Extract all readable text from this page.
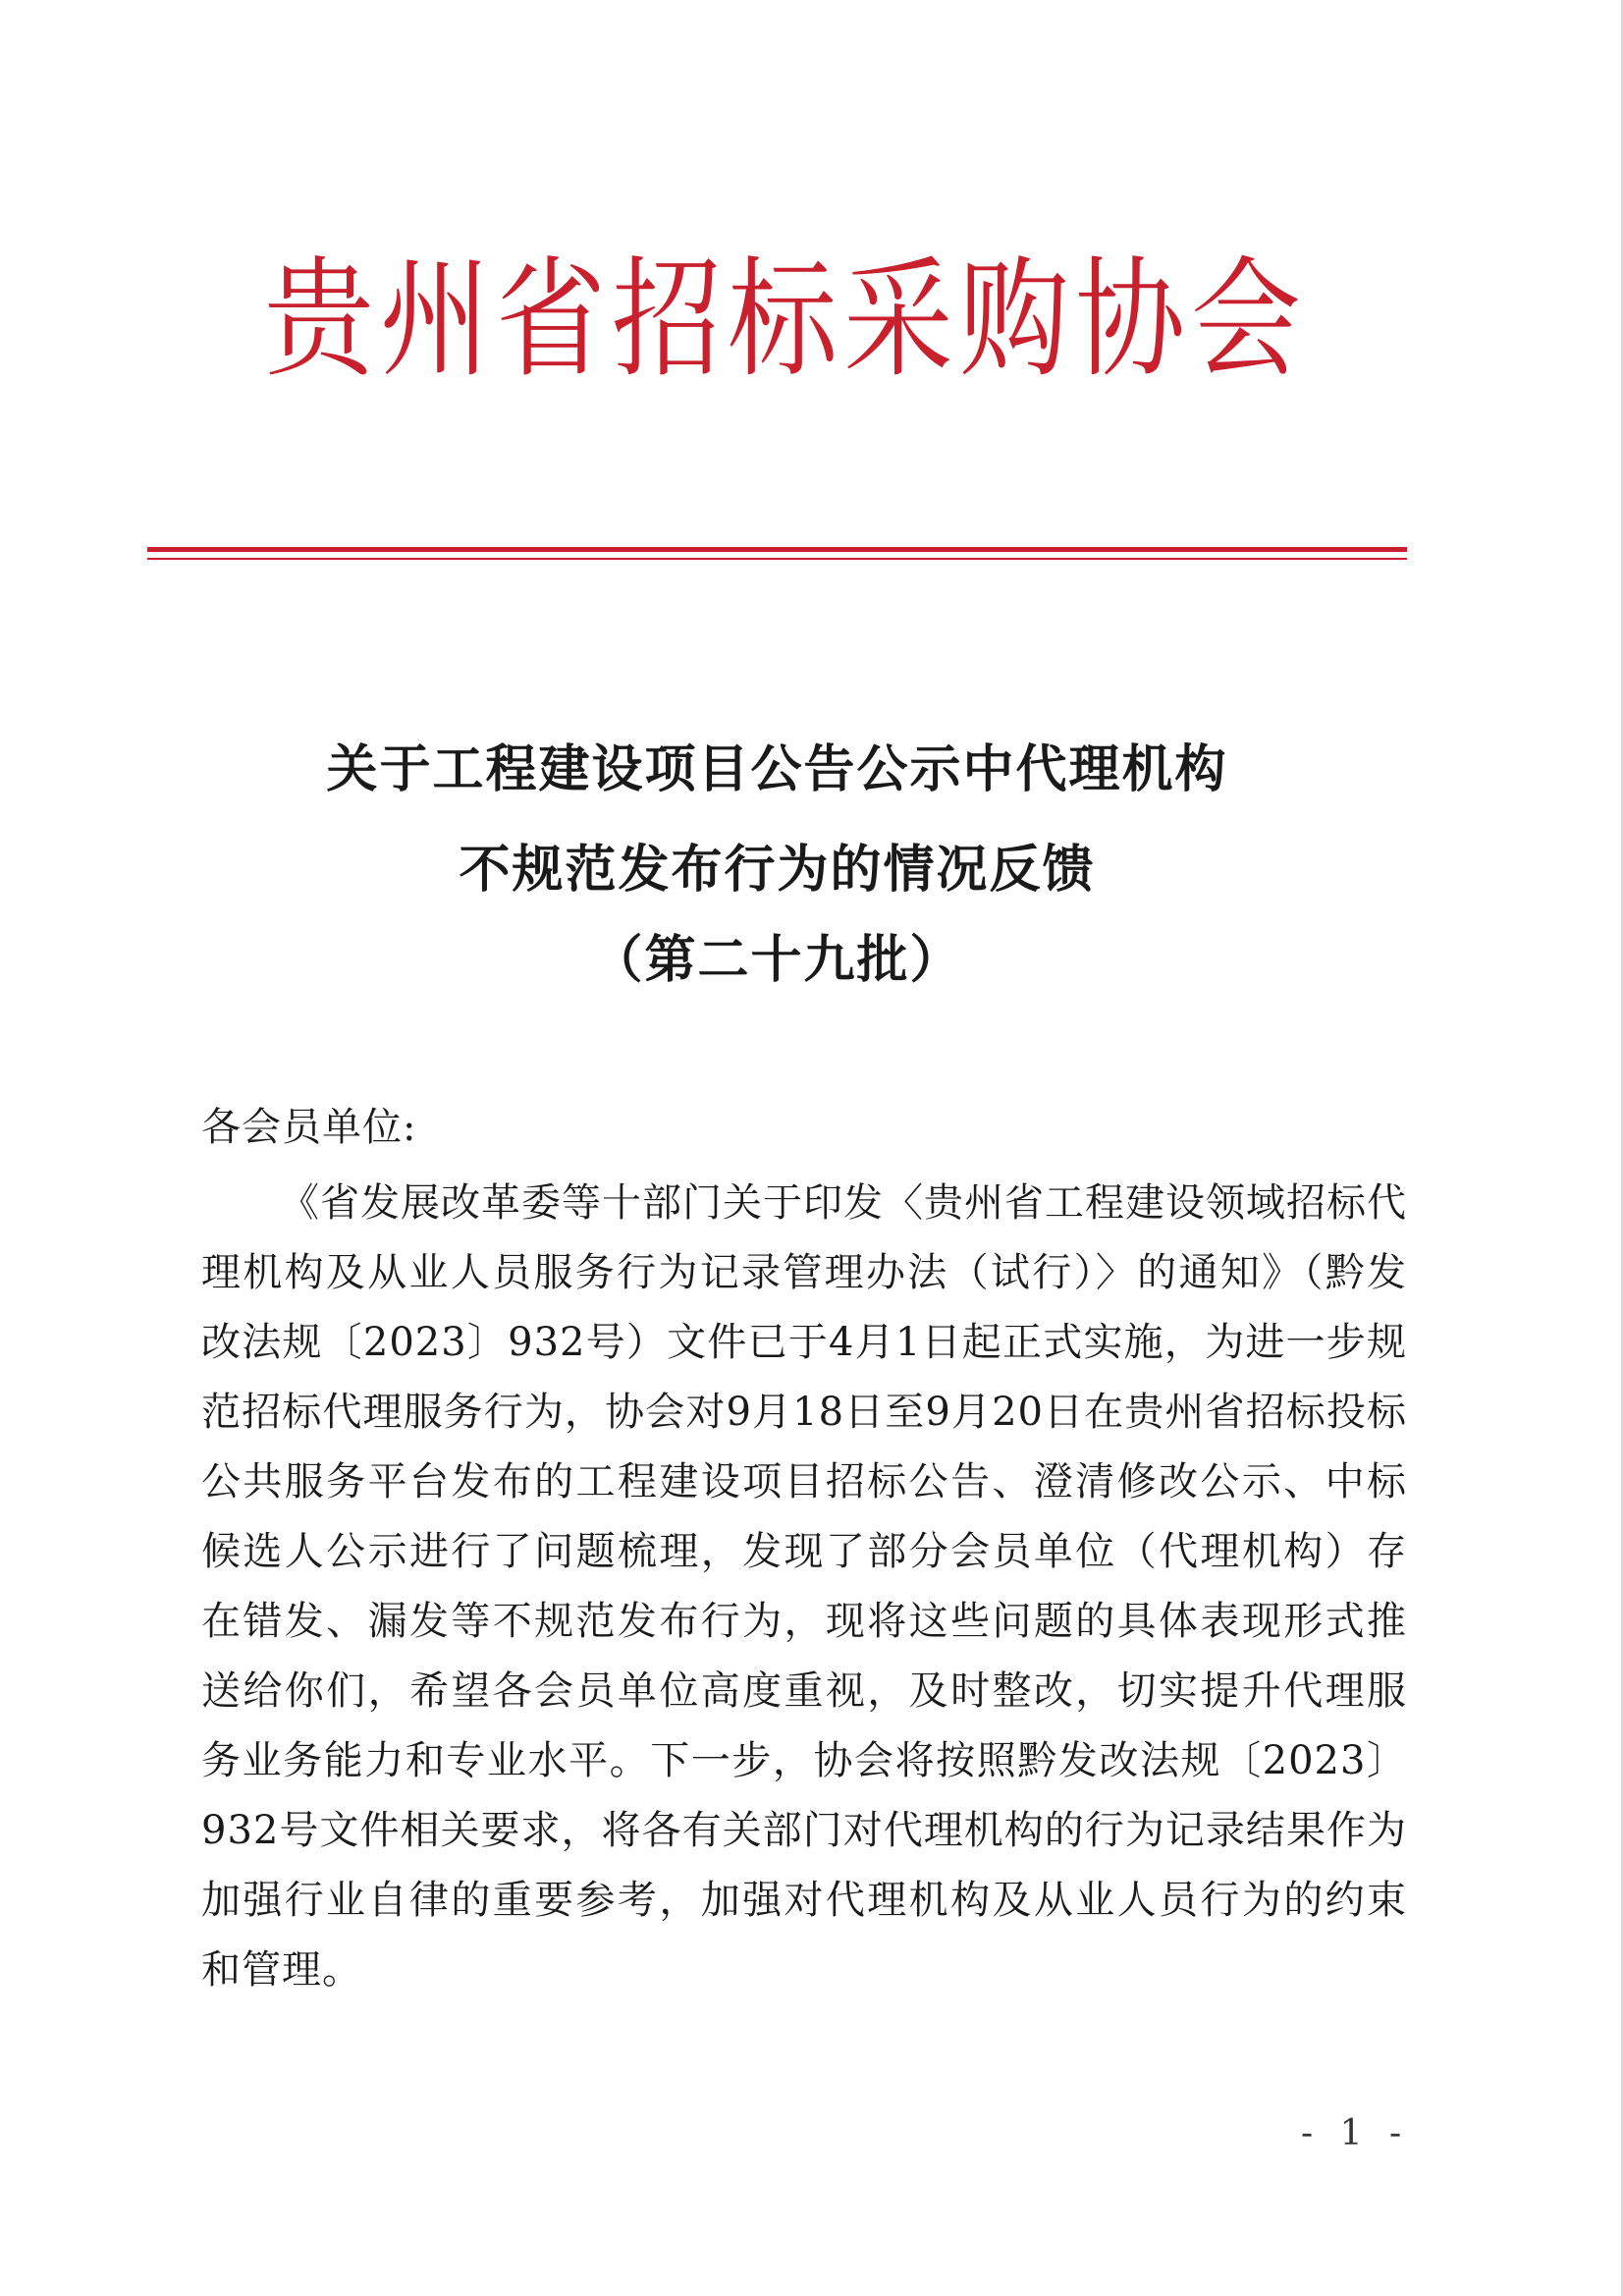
贵州省招标采购协会
关于工程建设项目公告公示中代理机构
不规范发布行为的情况反馈
（第二十九批）
各会员单位:

《省发展改革委等十部门关于印发〈贵州省工程建设领域招标代理机构及从业人员服务行为记录管理办法（试行）〉的通知》（黔发改法规〔2023〕932号）文件已于4月1日起正式实施，为进一步规范招标代理服务行为，协会对9月18日至9月20日在贵州省招标投标公共服务平台发布的工程建设项目招标公告、澄清修改公示、中标候选人公示进行了问题梳理，发现了部分会员单位（代理机构）存在错发、漏发等不规范发布行为，现将这些问题的具体表现形式推送给你们，希望各会员单位高度重视，及时整改，切实提升代理服务业务能力和专业水平。下一步，协会将按照黔发改法规〔2023〕932号文件相关要求，将各有关部门对代理机构的行为记录结果作为加强行业自律的重要参考，加强对代理机构及从业人员行为的约束和管理。

- 1 -
